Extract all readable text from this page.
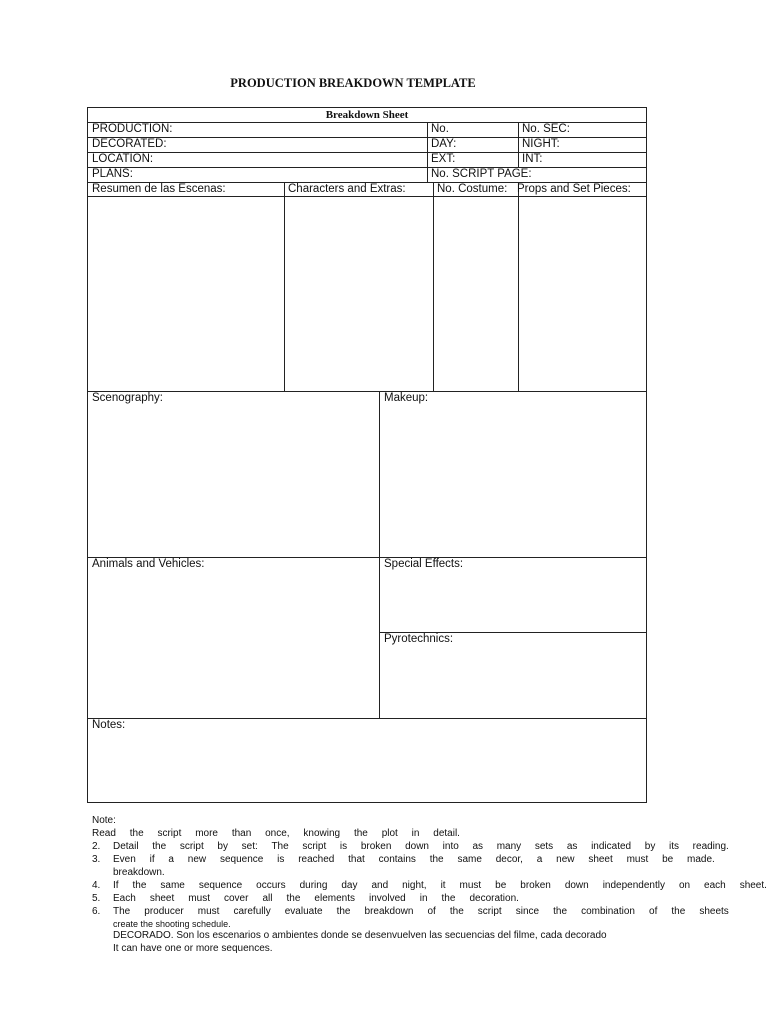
PRODUCTION BREAKDOWN TEMPLATE
Breakdown Sheet
PRODUCTION:	No.	No. SEC:
DECORATED:	DAY:	NIGHT:
LOCATION:	EXT:	INT:
PLANS:	No. SCRIPT PAGE:
Resumen de las Escenas:	Characters and Extras:	No. Costume: Props and Set Pieces:
Scenography:	Makeup:
Animals and Vehicles:	Special Effects:
Pyrotechnics:
Notes:
Note:
Read the script more than once, knowing the plot in detail.
2.	Detail the script by set: The script is broken down into as many sets as indicated by its reading.
3.	Even if a new sequence is reached that contains the same decor, a new sheet must be made.
breakdown.
4.	If the same sequence occurs during day and night, it must be broken down independently on each sheet.
5.	Each sheet must cover all the elements involved in the decoration.
6.	The producer must carefully evaluate the breakdown of the script since the combination of the sheets
create the shooting schedule.
DECORADO. Son los escenarios o ambientes donde se desenvuelven las secuencias del filme, cada decorado
It can have one or more sequences.
